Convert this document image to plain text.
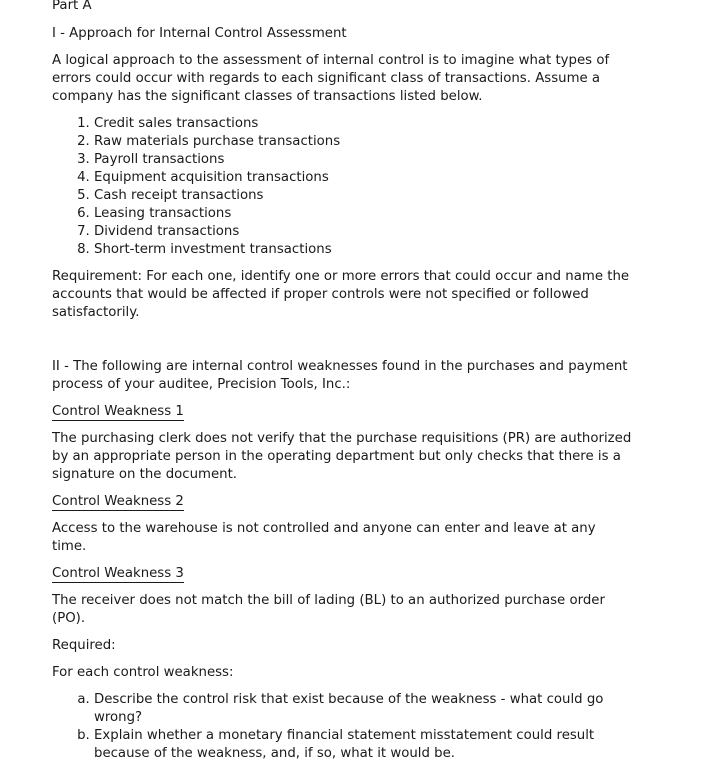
Part A
I - Approach for Internal Control Assessment

A logical approach to the assessment of internal control is to imagine what types of errors could occur with regards to each significant class of transactions. Assume a company has the significant classes of transactions listed below.

1. Credit sales transactions
2. Raw materials purchase transactions
3. Payroll transactions
4. Equipment acquisition transactions
5. Cash receipt transactions
6. Leasing transactions
7. Dividend transactions
8. Short-term investment transactions

Requirement: For each one, identify one or more errors that could occur and name the accounts that would be affected if proper controls were not specified or followed satisfactorily.

II - The following are internal control weaknesses found in the purchases and payment process of your auditee, Precision Tools, Inc.:

Control Weakness 1

The purchasing clerk does not verify that the purchase requisitions (PR) are authorized by an appropriate person in the operating department but only checks that there is a signature on the document.

Control Weakness 2

Access to the warehouse is not controlled and anyone can enter and leave at any time.

Control Weakness 3

The receiver does not match the bill of lading (BL) to an authorized purchase order (PO).

Required:

For each control weakness:

a. Describe the control risk that exist because of the weakness - what could go wrong?
b. Explain whether a monetary financial statement misstatement could result because of the weakness, and, if so, what it would be.
